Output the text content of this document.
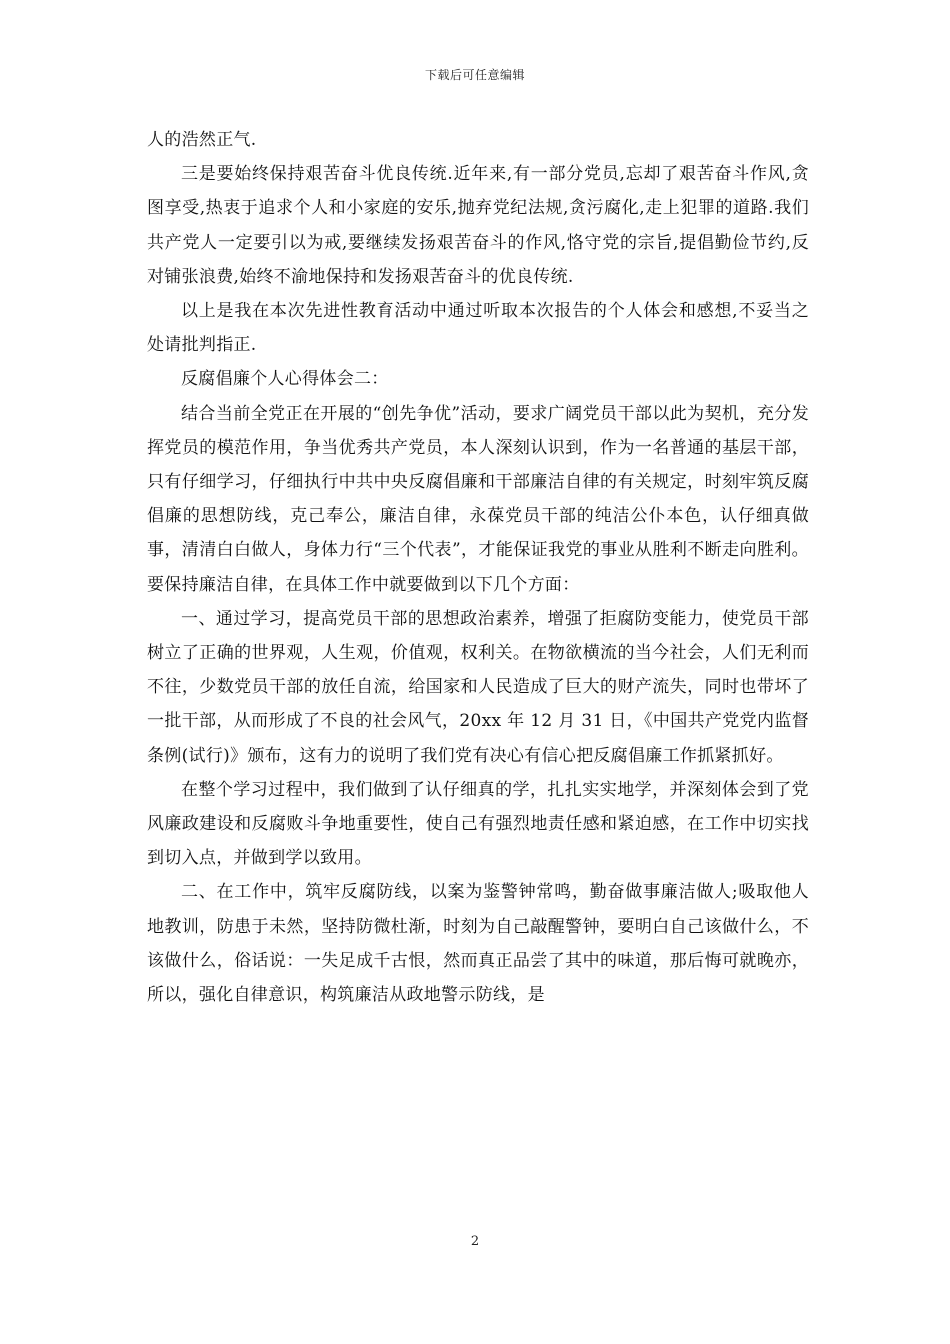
下载后可任意编辑

人的浩然正气.

三是要始终保持艰苦奋斗优良传统.近年来,有一部分党员,忘却了艰苦奋斗作风,贪图享受,热衷于追求个人和小家庭的安乐,抛弃党纪法规,贪污腐化,走上犯罪的道路.我们共产党人一定要引以为戒,要继续发扬艰苦奋斗的作风,恪守党的宗旨,提倡勤俭节约,反对铺张浪费,始终不渝地保持和发扬艰苦奋斗的优良传统.

以上是我在本次先进性教育活动中通过听取本次报告的个人体会和感想,不妥当之处请批判指正.

反腐倡廉个人心得体会二：

结合当前全党正在开展的“创先争优”活动，要求广阔党员干部以此为契机，充分发挥党员的模范作用，争当优秀共产党员，本人深刻认识到，作为一名普通的基层干部，只有仔细学习，仔细执行中共中央反腐倡廉和干部廉洁自律的有关规定，时刻牢筑反腐倡廉的思想防线，克己奉公，廉洁自律，永葆党员干部的纯洁公仆本色，认仔细真做事，清清白白做人，身体力行“三个代表”，才能保证我党的事业从胜利不断走向胜利。要保持廉洁自律，在具体工作中就要做到以下几个方面：

一、通过学习，提高党员干部的思想政治素养，增强了拒腐防变能力，使党员干部树立了正确的世界观，人生观，价值观，权利关。在物欲横流的当今社会，人们无利而不往，少数党员干部的放任自流，给国家和人民造成了巨大的财产流失，同时也带坏了一批干部，从而形成了不良的社会风气，20xx 年 12 月 31 日，《中国共产党党内监督条例(试行)》颁布，这有力的说明了我们党有决心有信心把反腐倡廉工作抓紧抓好。

在整个学习过程中，我们做到了认仔细真的学，扎扎实实地学，并深刻体会到了党风廉政建设和反腐败斗争地重要性，使自己有强烈地责任感和紧迫感，在工作中切实找到切入点，并做到学以致用。

二、在工作中，筑牢反腐防线，以案为鉴警钟常鸣，勤奋做事廉洁做人;吸取他人地教训，防患于未然，坚持防微杜渐，时刻为自己敲醒警钟，要明白自己该做什么，不该做什么，俗话说：一失足成千古恨，然而真正品尝了其中的味道，那后悔可就晚亦，所以，强化自律意识，构筑廉洁从政地警示防线，是

2
